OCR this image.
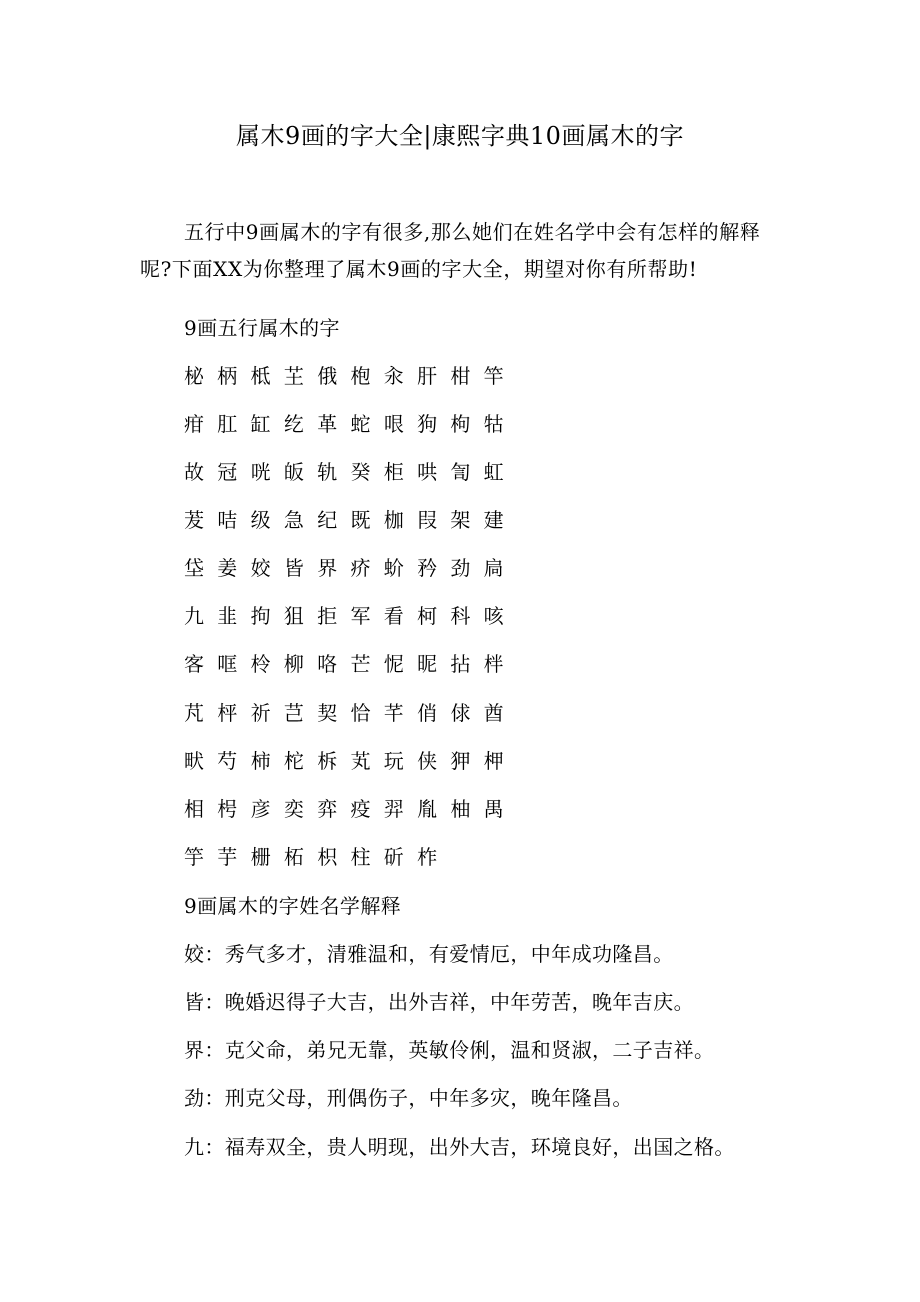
属木9画的字大全|康熙字典10画属木的字
五行中9画属木的字有很多,那么她们在姓名学中会有怎样的解释呢?下面XX为你整理了属木9画的字大全，期望对你有所帮助!
9画五行属木的字
柲 柄 柢 芏 俄 枹 汆 肝 柑 竿
疳 肛 缸 纥 革 蛇 哏 狗 枸 牯
故 冠 咣 皈 轨 癸 柜 哄 訇 虹
茇 咭 级 急 纪 既 枷 叚 架 建
垈 姜 姣 皆 界 疥 蚧 矜 劲 扃
九 韭 拘 狙 拒 军 看 柯 科 咳
客 哐 柃 柳 咯 芒 怩 昵 拈 柈
芃 枰 祈 芑 契 恰 芊 俏 俅 酋
畎 芍 柿 柁 柝 芄 玩 侠 狎 柙
相 枵 彦 奕 弈 疫 羿 胤 柚 禺
竽 芋 栅 柘 枳 柱 斫 柞
9画属木的字姓名学解释
姣：秀气多才，清雅温和，有爱情厄，中年成功隆昌。
皆：晚婚迟得子大吉，出外吉祥，中年劳苦，晚年吉庆。
界：克父命，弟兄无靠，英敏伶俐，温和贤淑，二子吉祥。
劲：刑克父母，刑偶伤子，中年多灾，晚年隆昌。
九：福寿双全，贵人明现，出外大吉，环境良好，出国之格。
